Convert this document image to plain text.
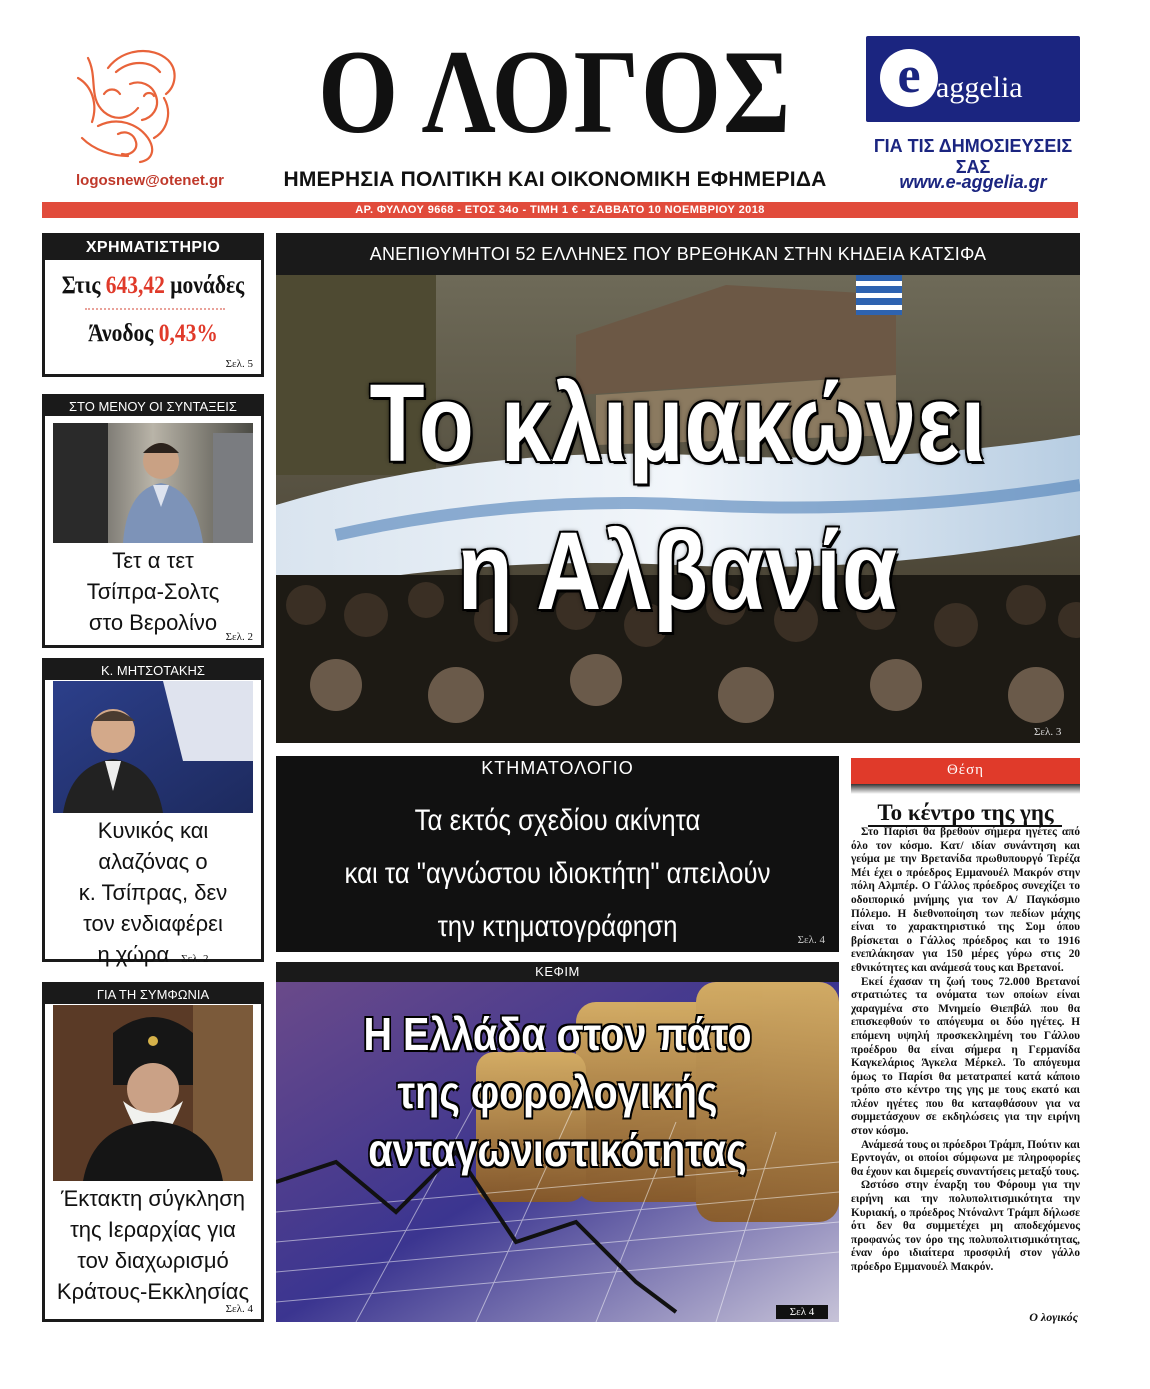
logosnew@otenet.gr
Ο ΛΟΓΟΣ
ΗΜΕΡΗΣΙΑ ΠΟΛΙΤΙΚΗ ΚΑΙ ΟΙΚΟΝΟΜΙΚΗ ΕΦΗΜΕΡΙΔΑ
e aggelia
ΓΙΑ ΤΙΣ ΔΗΜΟΣΙΕΥΣΕΙΣ ΣΑΣ
www.e-aggelia.gr
ΑΡ. ΦΥΛΛΟΥ 9668 - ΕΤΟΣ 34ο - ΤΙΜΗ 1 € - ΣΑΒΒΑΤΟ 10 ΝΟΕΜΒΡΙΟΥ 2018
ΧΡΗΜΑΤΙΣΤΗΡΙΟ
Στις 643,42 μονάδες
Άνοδος 0,43%
Σελ. 5
ΣΤΟ ΜΕΝΟΥ ΟΙ ΣΥΝΤΑΞΕΙΣ
Τετ α τετ
Τσίπρα-Σολτς
στο Βερολίνο
Σελ. 2
Κ. ΜΗΤΣΟΤΑΚΗΣ
Κυνικός και
αλαζόνας ο
κ. Τσίπρας, δεν
τον ενδιαφέρει
η χώρα Σελ. 2
ΓΙΑ ΤΗ ΣΥΜΦΩΝΙΑ
Έκτακτη σύγκληση
της Ιεραρχίας για
τον διαχωρισμό
Κράτους-Εκκλησίας
Σελ. 4
ΑΝΕΠΙΘΥΜΗΤΟΙ 52 ΕΛΛΗΝΕΣ ΠΟΥ ΒΡΕΘΗΚΑΝ ΣΤΗΝ ΚΗΔΕΙΑ ΚΑΤΣΙΦΑ
Το κλιμακώνει
η Αλβανία
Σελ. 3
ΚΤΗΜΑΤΟΛΟΓΙΟ
Τα εκτός σχεδίου ακίνητα
και τα "αγνώστου ιδιοκτήτη" απειλούν
την κτηματογράφηση	Σελ. 4
ΚΕΦΙΜ
Η Ελλάδα στον πάτο
της φορολογικής
ανταγωνιστικότητας
Σελ 4
Θέση
Το κέντρο της γης

Στο Παρίσι θα βρεθούν σήμερα ηγέτες από όλο τον κόσμο. Κατ/ ιδίαν συνάντηση και γεύμα με την Βρετανίδα πρωθυπουργό Τερέζα Μέι έχει ο πρόεδρος Εμμανουέλ Μακρόν στην πόλη Αλμπέρ. Ο Γάλλος πρόεδρος συνεχίζει το οδοιπορικό μνήμης για τον Α/ Παγκόσμιο Πόλεμο. Η διεθνοποίηση των πεδίων μάχης είναι το χαρακτηριστικό της Σομ όπου βρίσκεται ο Γάλλος πρόεδρος και το 1916 ενεπλάκησαν για 150 μέρες γύρω στις 20 εθνικότητες και ανάμεσά τους και Βρετανοί.

Εκεί έχασαν τη ζωή τους 72.000 Βρετανοί στρατιώτες τα ονόματα των οποίων είναι χαραγμένα στο Μνημείο Θιεπβάλ που θα επισκεφθούν το απόγευμα οι δύο ηγέτες. Η επόμενη υψηλή προσκεκλημένη του Γάλλου προέδρου θα είναι σήμερα η Γερμανίδα Καγκελάριος Άγκελα Μέρκελ. Το απόγευμα όμως το Παρίσι θα μετατραπεί κατά κάποιο τρόπο στο κέντρο της γης με τους εκατό και πλέον ηγέτες που θα καταφθάσουν για να συμμετάσχουν σε εκδηλώσεις για την ειρήνη στον κόσμο.

Ανάμεσά τους οι πρόεδροι Τράμπ, Πούτιν και Ερντογάν, οι οποίοι σύμφωνα με πληροφορίες θα έχουν και διμερείς συναντήσεις μεταξύ τους.

Ωστόσο στην έναρξη του Φόρουμ για την ειρήνη και την πολυπολιτισμικότητα την Κυριακή, ο πρόεδρος Ντόναλντ Τράμπ δήλωσε ότι δεν θα συμμετέχει μη αποδεχόμενος προφανώς τον όρο της πολυπολιτισμικότητας, έναν όρο ιδιαίτερα προσφιλή στον γάλλο πρόεδρο Εμμανουέλ Μακρόν.

Ο λογικός
